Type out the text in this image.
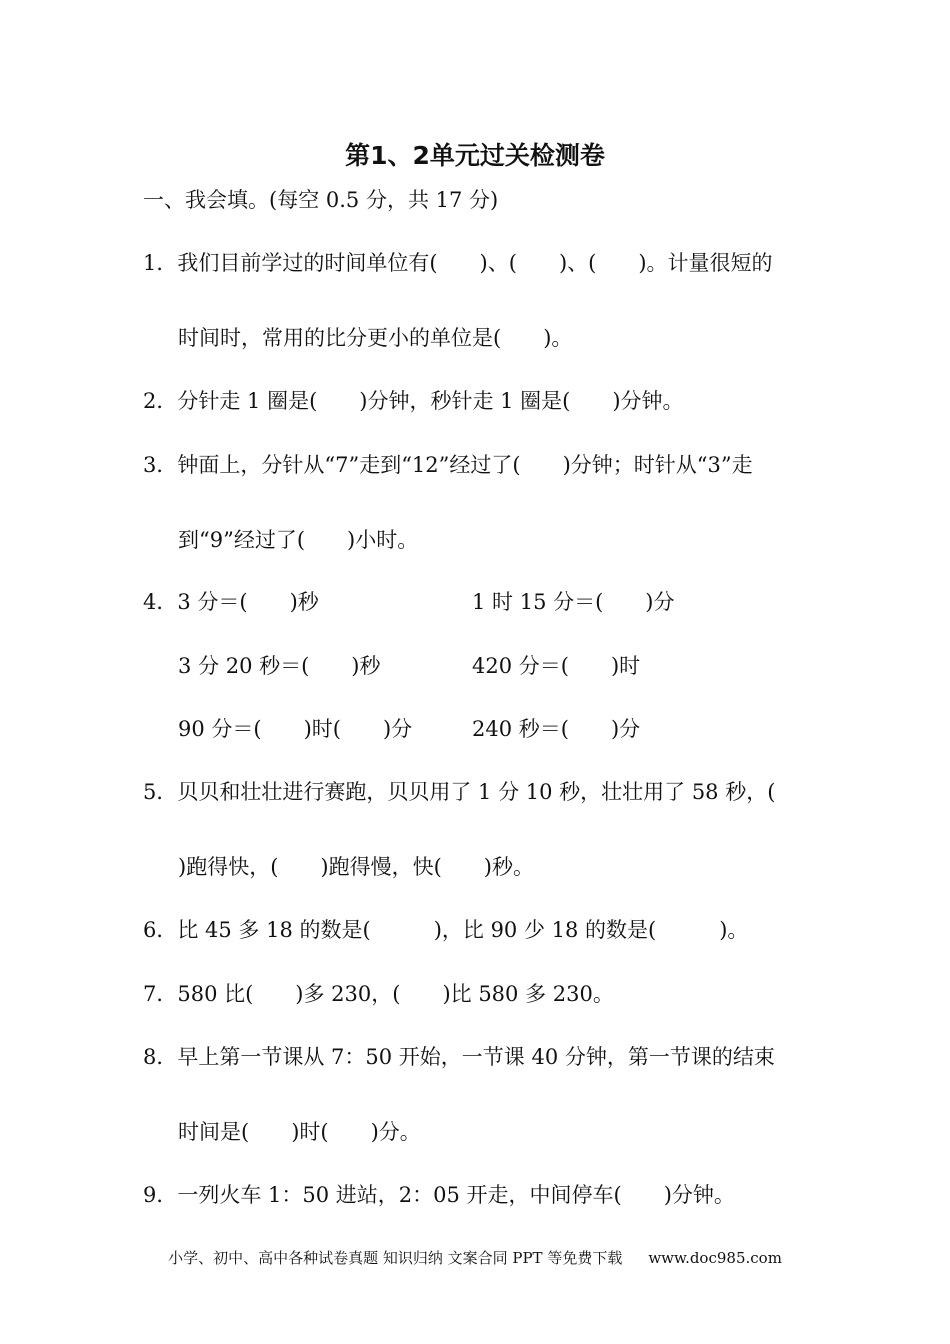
第1、2单元过关检测卷
一、我会填。(每空 0.5 分，共 17 分)
1．我们目前学过的时间单位有(　　)、(　　)、(　　)。计量很短的
时间时，常用的比分更小的单位是(　　)。
2．分针走 1 圈是(　　)分钟，秒针走 1 圈是(　　)分钟。
3．钟面上，分针从“7”走到“12”经过了(　　)分钟；时针从“3”走
到“9”经过了(　　)小时。
4．3 分＝(　　)秒	1 时 15 分＝(　　)分
3 分 20 秒＝(　　)秒	420 分＝(　　)时
90 分＝(　　)时(　　)分	240 秒＝(　　)分
5．贝贝和壮壮进行赛跑，贝贝用了 1 分 10 秒，壮壮用了 58 秒，(
)跑得快，(　　)跑得慢，快(　　)秒。
6．比 45 多 18 的数是(　　　)，比 90 少 18 的数是(　　　)。
7．580 比(　　)多 230，(　　)比 580 多 230。
8．早上第一节课从 7：50 开始，一节课 40 分钟，第一节课的结束
时间是(　　)时(　　)分。
9．一列火车 1：50 进站，2：05 开走，中间停车(　　)分钟。
小学、初中、高中各种试卷真题 知识归纳 文案合同 PPT 等免费下载 www.doc985.com
